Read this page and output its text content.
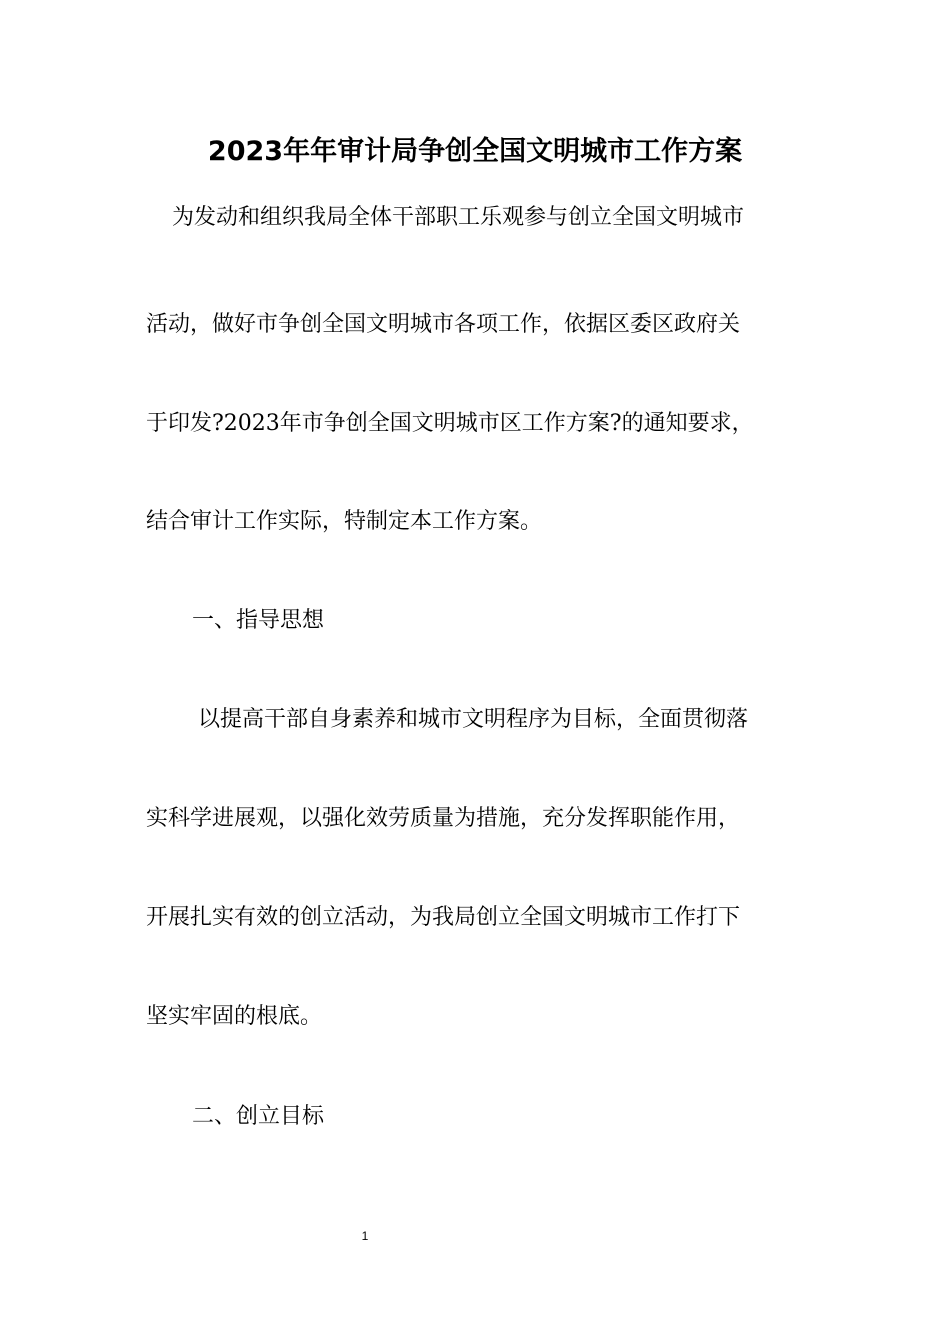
2023年年审计局争创全国文明城市工作方案
为发动和组织我局全体干部职工乐观参与创立全国文明城市
活动，做好市争创全国文明城市各项工作，依据区委区政府关
于印发?2023年市争创全国文明城市区工作方案?的通知要求，
结合审计工作实际，特制定本工作方案。
一、指导思想
以提高干部自身素养和城市文明程序为目标，全面贯彻落
实科学进展观，以强化效劳质量为措施，充分发挥职能作用，
开展扎实有效的创立活动，为我局创立全国文明城市工作打下
坚实牢固的根底。
二、创立目标
1
